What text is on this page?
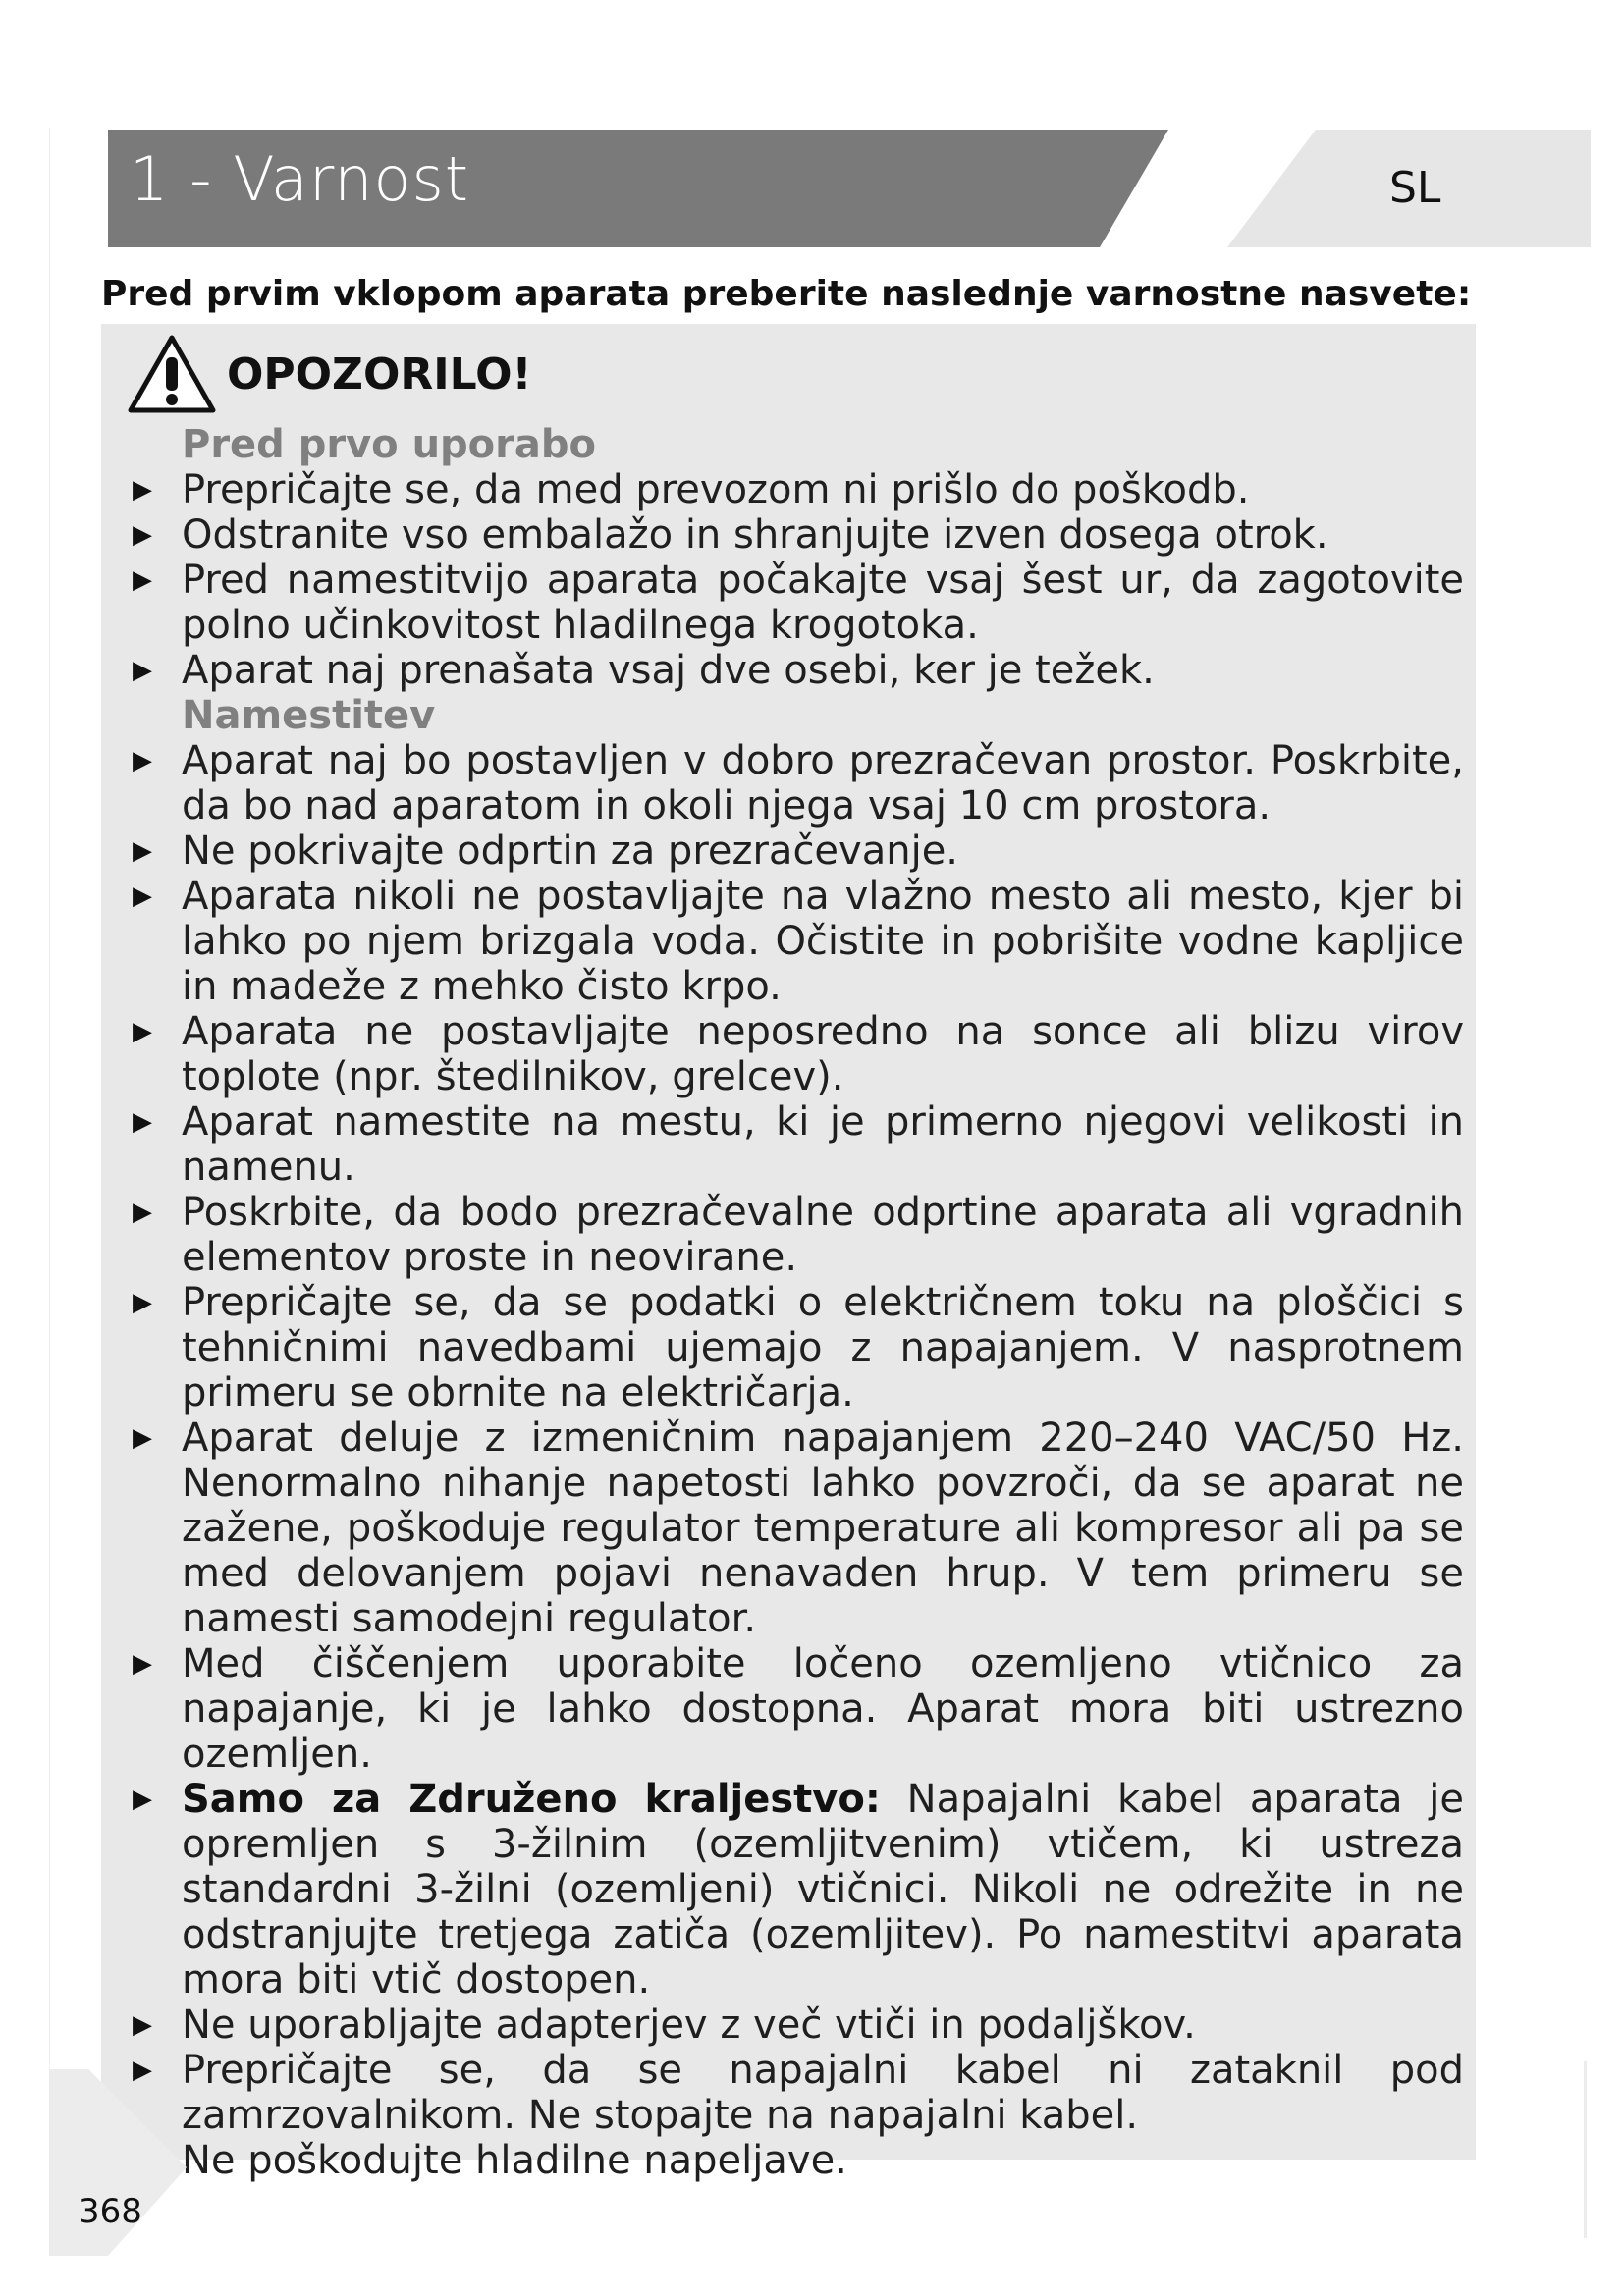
1 - Varnost	SL
Pred prvim vklopom aparata preberite naslednje varnostne nasvete:
OPOZORILO!
Pred prvo uporabo
▶ Prepričajte se, da med prevozom ni prišlo do poškodb.
▶ Odstranite vso embalažo in shranjujte izven dosega otrok.
▶ Pred namestitvijo aparata počakajte vsaj šest ur, da zagotovite polno učinkovitost hladilnega krogotoka.
▶ Aparat naj prenašata vsaj dve osebi, ker je težek.
Namestitev
▶ Aparat naj bo postavljen v dobro prezračevan prostor. Poskrbite, da bo nad aparatom in okoli njega vsaj 10 cm prostora.
▶ Ne pokrivajte odprtin za prezračevanje.
▶ Aparata nikoli ne postavljajte na vlažno mesto ali mesto, kjer bi lahko po njem brizgala voda. Očistite in pobrišite vodne kapljice in madeže z mehko čisto krpo.
▶ Aparata ne postavljajte neposredno na sonce ali blizu virov toplote (npr. štedilnikov, grelcev).
▶ Aparat namestite na mestu, ki je primerno njegovi velikosti in namenu.
▶ Poskrbite, da bodo prezračevalne odprtine aparata ali vgradnih elementov proste in neovirane.
▶ Prepričajte se, da se podatki o električnem toku na ploščici s tehničnimi navedbami ujemajo z napajanjem. V nasprotnem primeru se obrnite na električarja.
▶ Aparat deluje z izmeničnim napajanjem 220–240 VAC/50 Hz. Nenormalno nihanje napetosti lahko povzroči, da se aparat ne zažene, poškoduje regulator temperature ali kompresor ali pa se med delovanjem pojavi nenavaden hrup. V tem primeru se namesti samodejni regulator.
▶ Med čiščenjem uporabite ločeno ozemljeno vtičnico za napajanje, ki je lahko dostopna. Aparat mora biti ustrezno ozemljen.
▶ Samo za Združeno kraljestvo: Napajalni kabel aparata je opremljen s 3-žilnim (ozemljitvenim) vtičem, ki ustreza standardni 3-žilni (ozemljeni) vtičnici. Nikoli ne odrežite in ne odstranjujte tretjega zatiča (ozemljitev). Po namestitvi aparata mora biti vtič dostopen.
▶ Ne uporabljajte adapterjev z več vtiči in podaljškov.
▶ Prepričajte se, da se napajalni kabel ni zataknil pod zamrzovalnikom. Ne stopajte na napajalni kabel.
Ne poškodujte hladilne napeljave.
368
